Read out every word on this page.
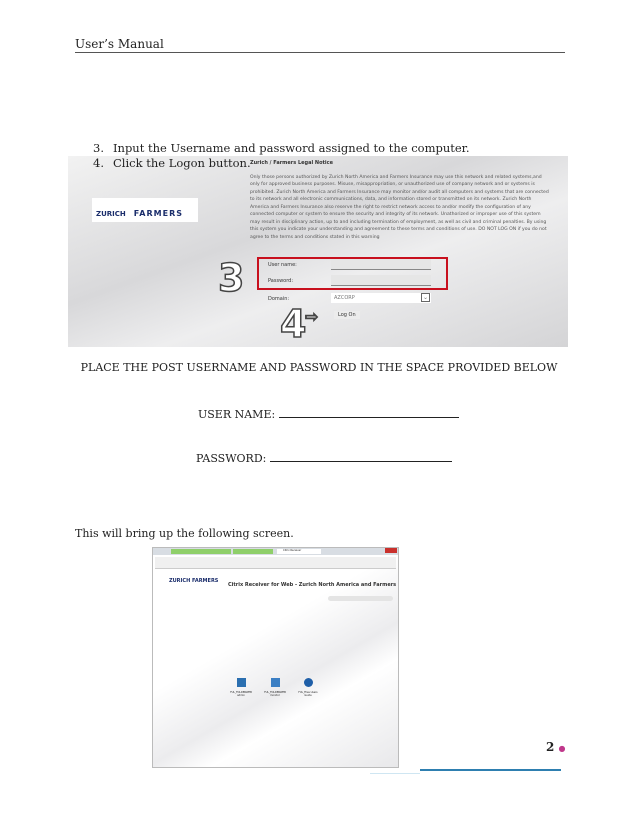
User’s Manual
3. Input the Username and password assigned to the computer.
4. Click the Logon button.
ZURICH FARMERS
Zurich / Farmers Legal Notice
Only those persons authorized by Zurich North America and Farmers Insurance may use this network and related systems,and only for approved business purposes. Misuse, misappropriation, or unauthorized use of company network and or systems is prohibited. Zurich North America and Farmers Insurance may monitor and/or audit all computers and systems that are connected to its network and all electronic communications, data, and information stored or transmitted on its network. Zurich North America and Farmers Insurance also reserve the right to restrict network access to and/or modify the configuration of any connected computer or system to ensure the security and integrity of its network. Unathorized or improper use of this system may result in disciplinary action, up to and including termination of employment, as well as civil and criminal penalties. By using this system you indicate your understanding and agreement to these terms and conditions of use. DO NOT LOG ON if you do not agree to the terms and conditions stated in this warning
User name:
Password:
Domain:	AZCORP	⌄
Log On
3
4
⇨
PLACE THE POST USERNAME AND PASSWORD IN THE SPACE PROVIDED BELOW
USER NAME:
PASSWORD:
This will bring up the following screen.
Citrix Receiver
ZURICH FARMERS
Citrix Receiver for Web - Zurich North America and Farmers
FUL_FOLDERWEB admin
FUL_FOLDERWEB monitor
FUL_Files Users Guide
2 ●
